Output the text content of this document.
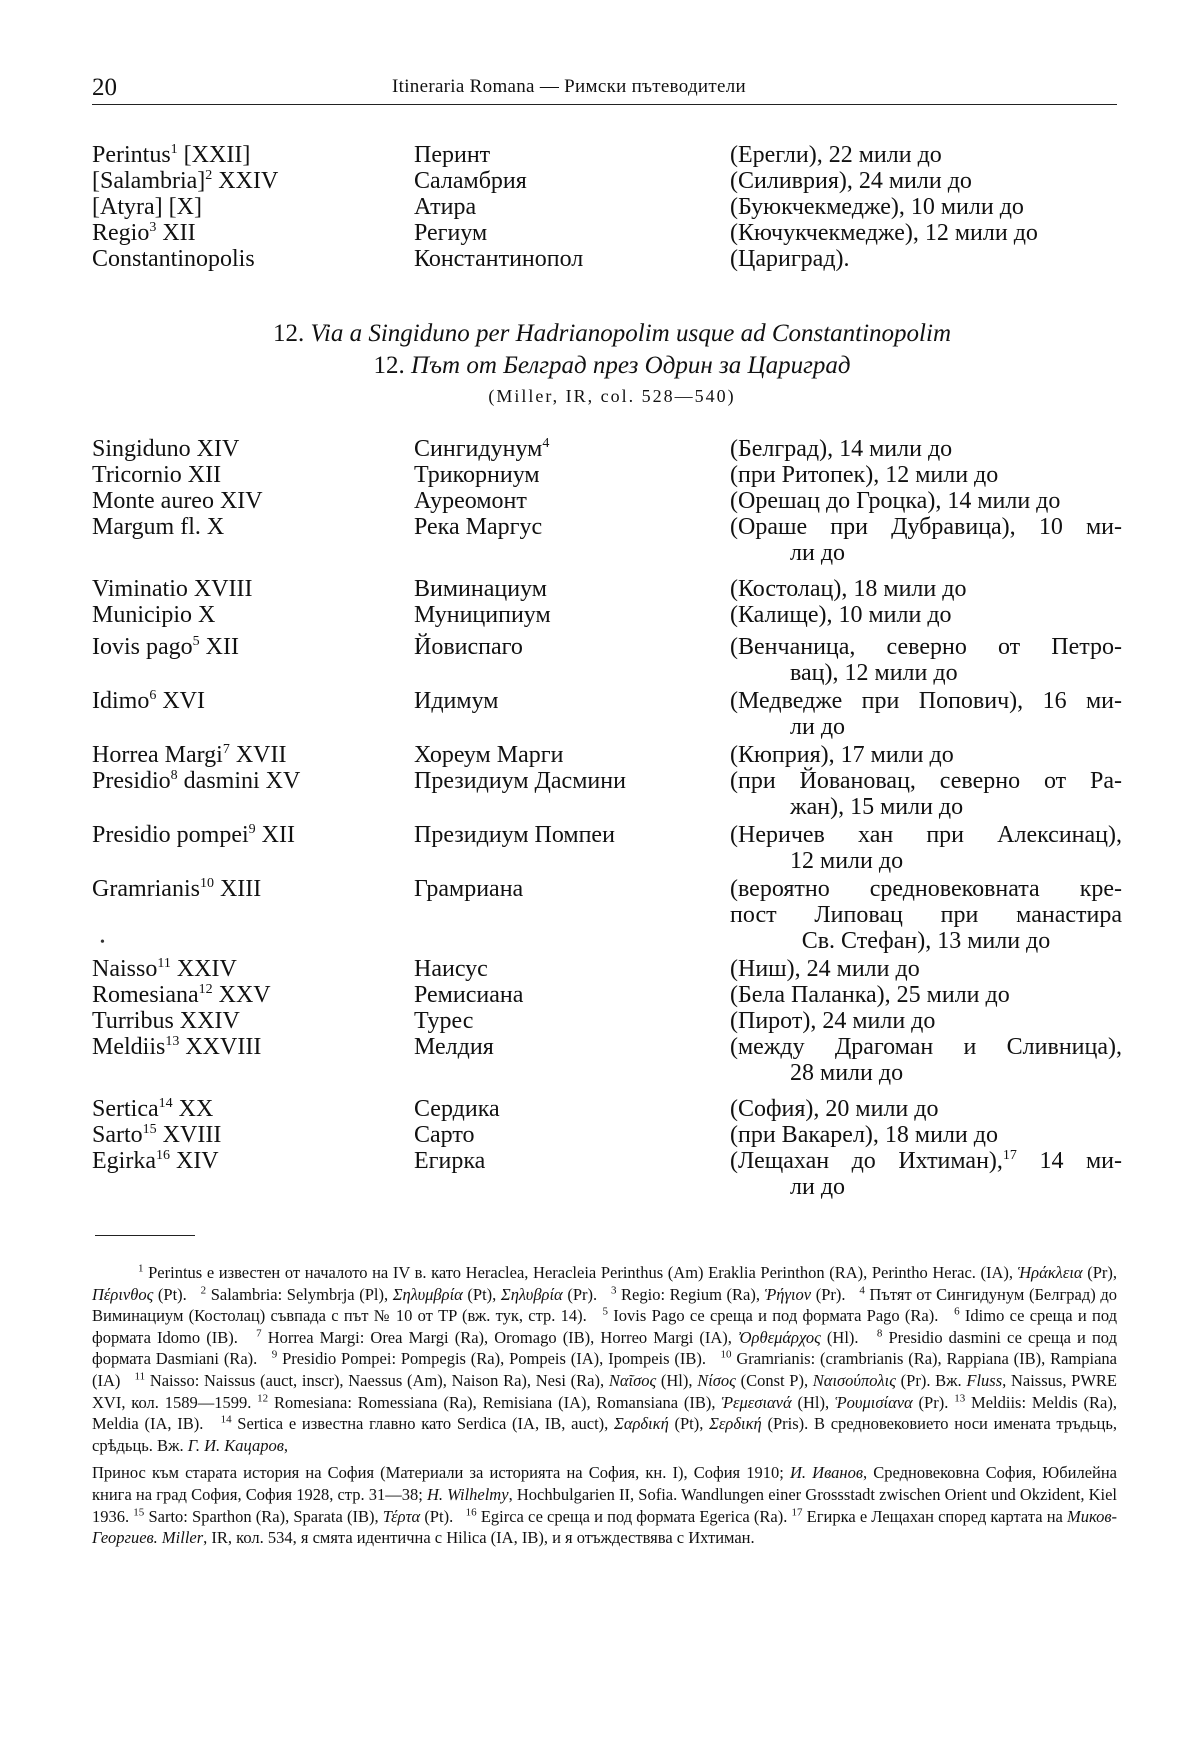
20	Itineraria Romana — Римски пътеводители
Perintus$^1$ [XXII]	Перинт	(Ерегли), 22 мили до
[Salambria]$^2$ XXIV	Саламбрия	(Силиврия), 24 мили до
[Atyra] [X]	Атира	(Буюкчекмедже), 10 мили до
Regio$^3$ XII	Региум	(Кючукчекмедже), 12 мили до
Constantinopolis	Константинопол	(Цариград).
12. Via a Singiduno per Hadrianopolim usque ad Constantinopolim
12. Път от Белград през Одрин за Цариград
(Miller, IR, col. 528—540)
Singiduno XIV	Сингидунум$^4$	(Белград), 14 мили до
Tricornio XII	Трикорниум	(при Ритопек), 12 мили до
Monte aureo XIV	Ауреомонт	(Орешац до Гроцка), 14 мили до
Margum fl. X	Река Маргус	(Ораше при Дубравица), 10 ми-
ли до
Viminatio XVIII	Виминациум	(Костолац), 18 мили до
Municipio X	Муниципиум	(Калище), 10 мили до
Iovis pago$^5$ XII	Йовиспаго	(Венчаница, северно от Петро-
вац), 12 мили до
Idimo$^6$ XVI	Идимум	(Медведже при Попович), 16 ми-
ли до
Horrea Margi$^7$ XVII	Хореум Марги	(Кюприя), 17 мили до
Presidio$^8$ dasmini XV	Президиум Дасмини	(при Йовановац, северно от Ра-
жан), 15 мили до
Presidio pompei$^9$ XII	Президиум Помпеи	(Неричев хан при Алексинац),
12 мили до
Gramrianis$^{10}$ XIII	Грамриана	(вероятно средновековната кре-
пост Липовац при манастира
Св. Стефан), 13 мили до
Naisso$^{11}$ XXIV	Наисус	(Ниш), 24 мили до
Romesiana$^{12}$ XXV	Ремисиана	(Бела Паланка), 25 мили до
Turribus XXIV	Турес	(Пирот), 24 мили до
Meldiis$^{13}$ XXVIII	Мелдия	(между Драгоман и Сливница),
28 мили до
Sertica$^{14}$ XX	Сердика	(София), 20 мили до
Sarto$^{15}$ XVIII	Сарто	(при Вакарел), 18 мили до
Egirka$^{16}$ XIV	Егирка	(Лещахан до Ихтиман),$^{17}$ 14 ми-
ли до

$^1$ Perintus е известен от началото на IV в. като Heraclea, Heracleia Perinthus (Am) Eraklia Perinthon (RA), Perintho Herac. (IA), Ἡράκλεια (Pr), Πέρινθος (Pt).   $^2$ Salambria: Selymbrja (Pl), Σηλυμβρία (Pt), Σηλυβρία (Pr).   $^3$ Regio: Regium (Ra), Ῥήγιον (Pr).   $^4$ Пътят от Сингидунум (Белград) до Виминациум (Костолац) съвпада с път № 10 от TP (вж. тук, стр. 14).   $^5$ Iovis Pago се среща и под формата Pago (Ra).   $^6$ Idimo се среща и под формата Idomo (IB).   $^7$ Horrea Margi: Orea Margi (Ra), Oromago (IB), Horreo Margi (IA), Ὀρθεμάρχος (Hl).   $^8$ Presidio dasmini се среща и под формата Dasmiani (Ra).   $^9$ Presidio Pompei: Pompegis (Ra), Pompeis (IA), Ipompeis (IB).   $^{10}$ Gramrianis: (crambrianis (Ra), Rappiana (IB), Rampiana (IA)   $^{11}$ Naisso: Naissus (auct, inscr), Naessus (Am), Naison Ra), Nesi (Ra), Ναῖσος (Hl), Νίσος (Const P), Ναισούπολις (Pr). Вж. Fluss, Naissus, PWRE XVI, кол. 1589—1599. $^{12}$ Romesiana: Romessiana (Ra), Remisiana (IA), Romansiana (IB), Ῥεμεσιανά (Hl), Ῥουμισίανα (Pr). $^{13}$ Meldiis: Meldis (Ra), Meldia (IA, IB).   $^{14}$ Sertica е известна главно като Serdica (IA, IB, auct), Σαρδική (Pt), Σερδική (Pris). В средновековието носи имената тръдьць, срѣдьць. Вж. Г. И. Кацаров,

Принос към старата история на София (Материали за историята на София, кн. I), София 1910; И. Иванов, Средновековна София, Юбилейна книга на град София, София 1928, стр. 31—38; H. Wilhelmy, Hochbulgarien II, Sofia. Wandlungen einer Grossstadt zwischen Orient und Okzident, Kiel 1936. $^{15}$ Sarto: Sparthon (Ra), Sparata (IB), Τέρτα (Pt).   $^{16}$ Egirca се среща и под формата Egerica (Ra). $^{17}$ Егирка е Лещахан според картата на Миков-Георгиев. Miller, IR, кол. 534, я смята идентична с Hilica (IA, IB), и я отъждествява с Ихтиман.

•
